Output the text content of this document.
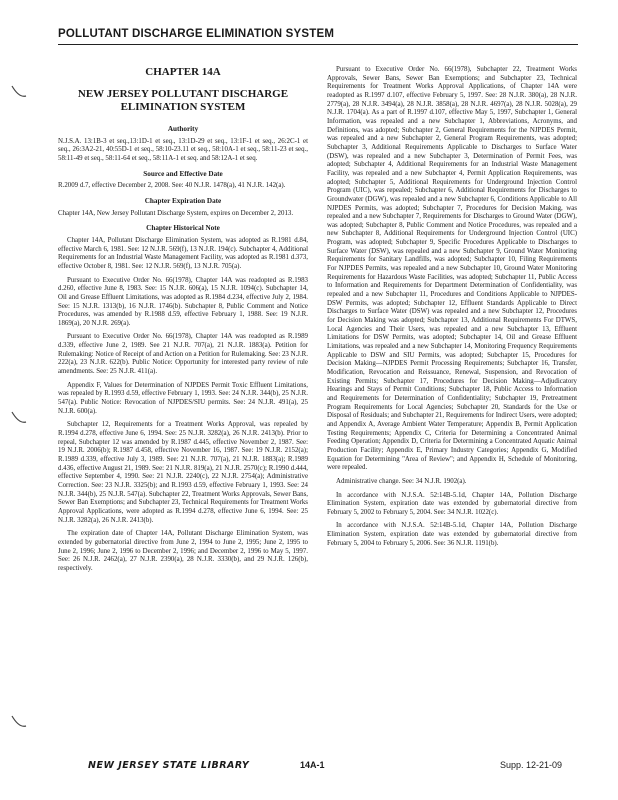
POLLUTANT DISCHARGE ELIMINATION SYSTEM

CHAPTER 14A

NEW JERSEY POLLUTANT DISCHARGE ELIMINATION SYSTEM

Authority

N.J.S.A. 13:1B-3 et seq.,13:1D-1 et seq., 13:1D-29 et seq., 13:1F-1 et seq., 26:2C-1 et seq., 26:3A2-21, 40:55D-1 et seq., 58:10-23.11 et seq., 58:10A-1 et seq., 58:11-23 et seq., 58:11-49 et seq., 58:11-64 et seq., 58:11A-1 et seq. and 58:12A-1 et seq.

Source and Effective Date

R.2009 d.7, effective December 2, 2008. See: 40 N.J.R. 1478(a), 41 N.J.R. 142(a).

Chapter Expiration Date

Chapter 14A, New Jersey Pollutant Discharge System, expires on December 2, 2013.

Chapter Historical Note

Chapter 14A, Pollutant Discharge Elimination System, was adopted as R.1981 d.84, effective March 6, 1981. See: 12 N.J.R. 569(f), 13 N.J.R. 194(c). Subchapter 4, Additional Requirements for an Industrial Waste Management Facility, was adopted as R.1981 d.373, effective October 8, 1981. See: 12 N.J.R. 569(f), 13 N.J.R. 705(a).

Pursuant to Executive Order No. 66(1978), Chapter 14A was readopted as R.1983 d.260, effective June 8, 1983. See: 15 N.J.R. 606(a), 15 N.J.R. 1094(c). Subchapter 14, Oil and Grease Effluent Limitations, was adopted as R.1984 d.234, effective July 2, 1984. See: 15 N.J.R. 1313(b), 16 N.J.R. 1746(b). Subchapter 8, Public Comment and Notice Procedures, was amended by R.1988 d.59, effective February 1, 1988. See: 19 N.J.R. 1869(a), 20 N.J.R. 269(a).

Pursuant to Executive Order No. 66(1978), Chapter 14A was readopted as R.1989 d.339, effective June 2, 1989. See 21 N.J.R. 707(a), 21 N.J.R. 1883(a). Petition for Rulemaking: Notice of Receipt of and Action on a Petition for Rulemaking. See: 23 N.J.R. 222(a), 23 N.J.R. 622(b). Public Notice: Opportunity for interested party review of rule amendments. See: 25 N.J.R. 411(a).

Appendix F, Values for Determination of NJPDES Permit Toxic Effluent Limitations, was repealed by R.1993 d.59, effective February 1, 1993. See: 24 N.J.R. 344(b), 25 N.J.R. 547(a). Public Notice: Revocation of NJPDES/SIU permits. See: 24 N.J.R. 491(a), 25 N.J.R. 600(a).

Subchapter 12, Requirements for a Treatment Works Approval, was repealed by R.1994 d.278, effective June 6, 1994. See: 25 N.J.R. 3282(a), 26 N.J.R. 2413(b). Prior to repeal, Subchapter 12 was amended by R.1987 d.445, effective November 2, 1987. See: 19 N.J.R. 2006(b); R.1987 d.458, effective November 16, 1987. See: 19 N.J.R. 2152(a); R.1989 d.339, effective July 3, 1989. See: 21 N.J.R. 707(a), 21 N.J.R. 1883(a); R.1989 d.436, effective August 21, 1989. See: 21 N.J.R. 819(a), 21 N.J.R. 2570(c); R.1990 d.444, effective September 4, 1990. See: 21 N.J.R. 2240(c), 22 N.J.R. 2754(a); Administrative Correction. See: 23 N.J.R. 3325(b); and R.1993 d.59, effective February 1, 1993. See: 24 N.J.R. 344(b), 25 N.J.R. 547(a). Subchapter 22, Treatment Works Approvals, Sewer Bans, Sewer Ban Exemptions; and Subchapter 23, Technical Requirements for Treatment Works Approval Applications, were adopted as R.1994 d.278, effective June 6, 1994. See: 25 N.J.R. 3282(a), 26 N.J.R. 2413(b).

The expiration date of Chapter 14A, Pollutant Discharge Elimination System, was extended by gubernatorial directive from June 2, 1994 to June 2, 1995; June 2, 1995 to June 2, 1996; June 2, 1996 to December 2, 1996; and December 2, 1996 to May 5, 1997. See: 26 N.J.R. 2462(a), 27 N.J.R. 2390(a), 28 N.J.R. 3330(b), and 29 N.J.R. 126(b), respectively.

Pursuant to Executive Order No. 66(1978), Subchapter 22, Treatment Works Approvals, Sewer Bans, Sewer Ban Exemptions; and Subchapter 23, Technical Requirements for Treatment Works Approval Applications, of Chapter 14A were readopted as R.1997 d.107, effective February 5, 1997. See: 28 N.J.R. 380(a), 28 N.J.R. 2779(a), 28 N.J.R. 3494(a), 28 N.J.R. 3858(a), 28 N.J.R. 4697(a), 28 N.J.R. 5028(a), 29 N.J.R. 1704(a). As a part of R.1997 d.107, effective May 5, 1997, Subchapter 1, General Information, was repealed and a new Subchapter 1, Abbreviations, Acronyms, and Definitions, was adopted; Subchapter 2, General Requirements for the NJPDES Permit, was repealed and a new Subchapter 2, General Program Requirements, was adopted; Subchapter 3, Additional Requirements Applicable to Discharges to Surface Water (DSW), was repealed and a new Subchapter 3, Determination of Permit Fees, was adopted; Subchapter 4, Additional Requirements for an Industrial Waste Management Facility, was repealed and a new Subchapter 4, Permit Application Requirements, was adopted; Subchapter 5, Additional Requirements for Underground Injection Control Program (UIC), was repealed; Subchapter 6, Additional Requirements for Discharges to Groundwater (DGW), was repealed and a new Subchapter 6, Conditions Applicable to All NJPDES Permits, was adopted; Subchapter 7, Procedures for Decision Making, was repealed and a new Subchapter 7, Requirements for Discharges to Ground Water (DGW), was adopted; Subchapter 8, Public Comment and Notice Procedures, was repealed and a new Subchapter 8, Additional Requirements for Underground Injection Control (UIC) Program, was adopted; Subchapter 9, Specific Procedures Applicable to Discharges to Surface Water (DSW), was repealed and a new Subchapter 9, Ground Water Monitoring Requirements for Sanitary Landfills, was adopted; Subchapter 10, Filing Requirements For NJPDES Permits, was repealed and a new Subchapter 10, Ground Water Monitoring Requirements for Hazardous Waste Facilities, was adopted; Subchapter 11, Public Access to Information and Requirements for Department Determination of Confidentiality, was repealed and a new Subchapter 11, Procedures and Conditions Applicable to NJPDES-DSW Permits, was adopted; Subchapter 12, Effluent Standards Applicable to Direct Discharges to Surface Water (DSW) was repealed and a new Subchapter 12, Procedures for Decision Making was adopted; Subchapter 13, Additional Requirements For DTWS, Local Agencies and Their Users, was repealed and a new Subchapter 13, Effluent Limitations for DSW Permits, was adopted; Subchapter 14, Oil and Grease Effluent Limitations, was repealed and a new Subchapter 14, Monitoring Frequency Requirements Applicable to DSW and SIU Permits, was adopted; Subchapter 15, Procedures for Decision Making—NJPDES Permit Processing Requirements; Subchapter 16, Transfer, Modification, Revocation and Reissuance, Renewal, Suspension, and Revocation of Existing Permits; Subchapter 17, Procedures for Decision Making—Adjudicatory Hearings and Stays of Permit Conditions; Subchapter 18, Public Access to Information and Requirements for Determination of Confidentiality; Subchapter 19, Pretreatment Program Requirements for Local Agencies; Subchapter 20, Standards for the Use or Disposal of Residuals; and Subchapter 21, Requirements for Indirect Users, were adopted; and Appendix A, Average Ambient Water Temperature; Appendix B, Permit Application Testing Requirements; Appendix C, Criteria for Determining a Concentrated Animal Feeding Operation; Appendix D, Criteria for Determining a Concentrated Aquatic Animal Production Facility; Appendix E, Primary Industry Categories; Appendix G, Modified Equation for Determining "Area of Review"; and Appendix H, Schedule of Monitoring, were repealed.

Administrative change. See: 34 N.J.R. 1902(a).

In accordance with N.J.S.A. 52:14B-5.1d, Chapter 14A, Pollution Discharge Elimination System, expiration date was extended by gubernatorial directive from February 5, 2002 to February 5, 2004. See: 34 N.J.R. 1022(c).

In accordance with N.J.S.A. 52:14B-5.1d, Chapter 14A, Pollution Discharge Elimination System, expiration date was extended by gubernatorial directive from February 5, 2004 to February 5, 2006. See: 36 N.J.R. 1191(b).

NEW JERSEY STATE LIBRARY	14A-1	Supp. 12-21-09
